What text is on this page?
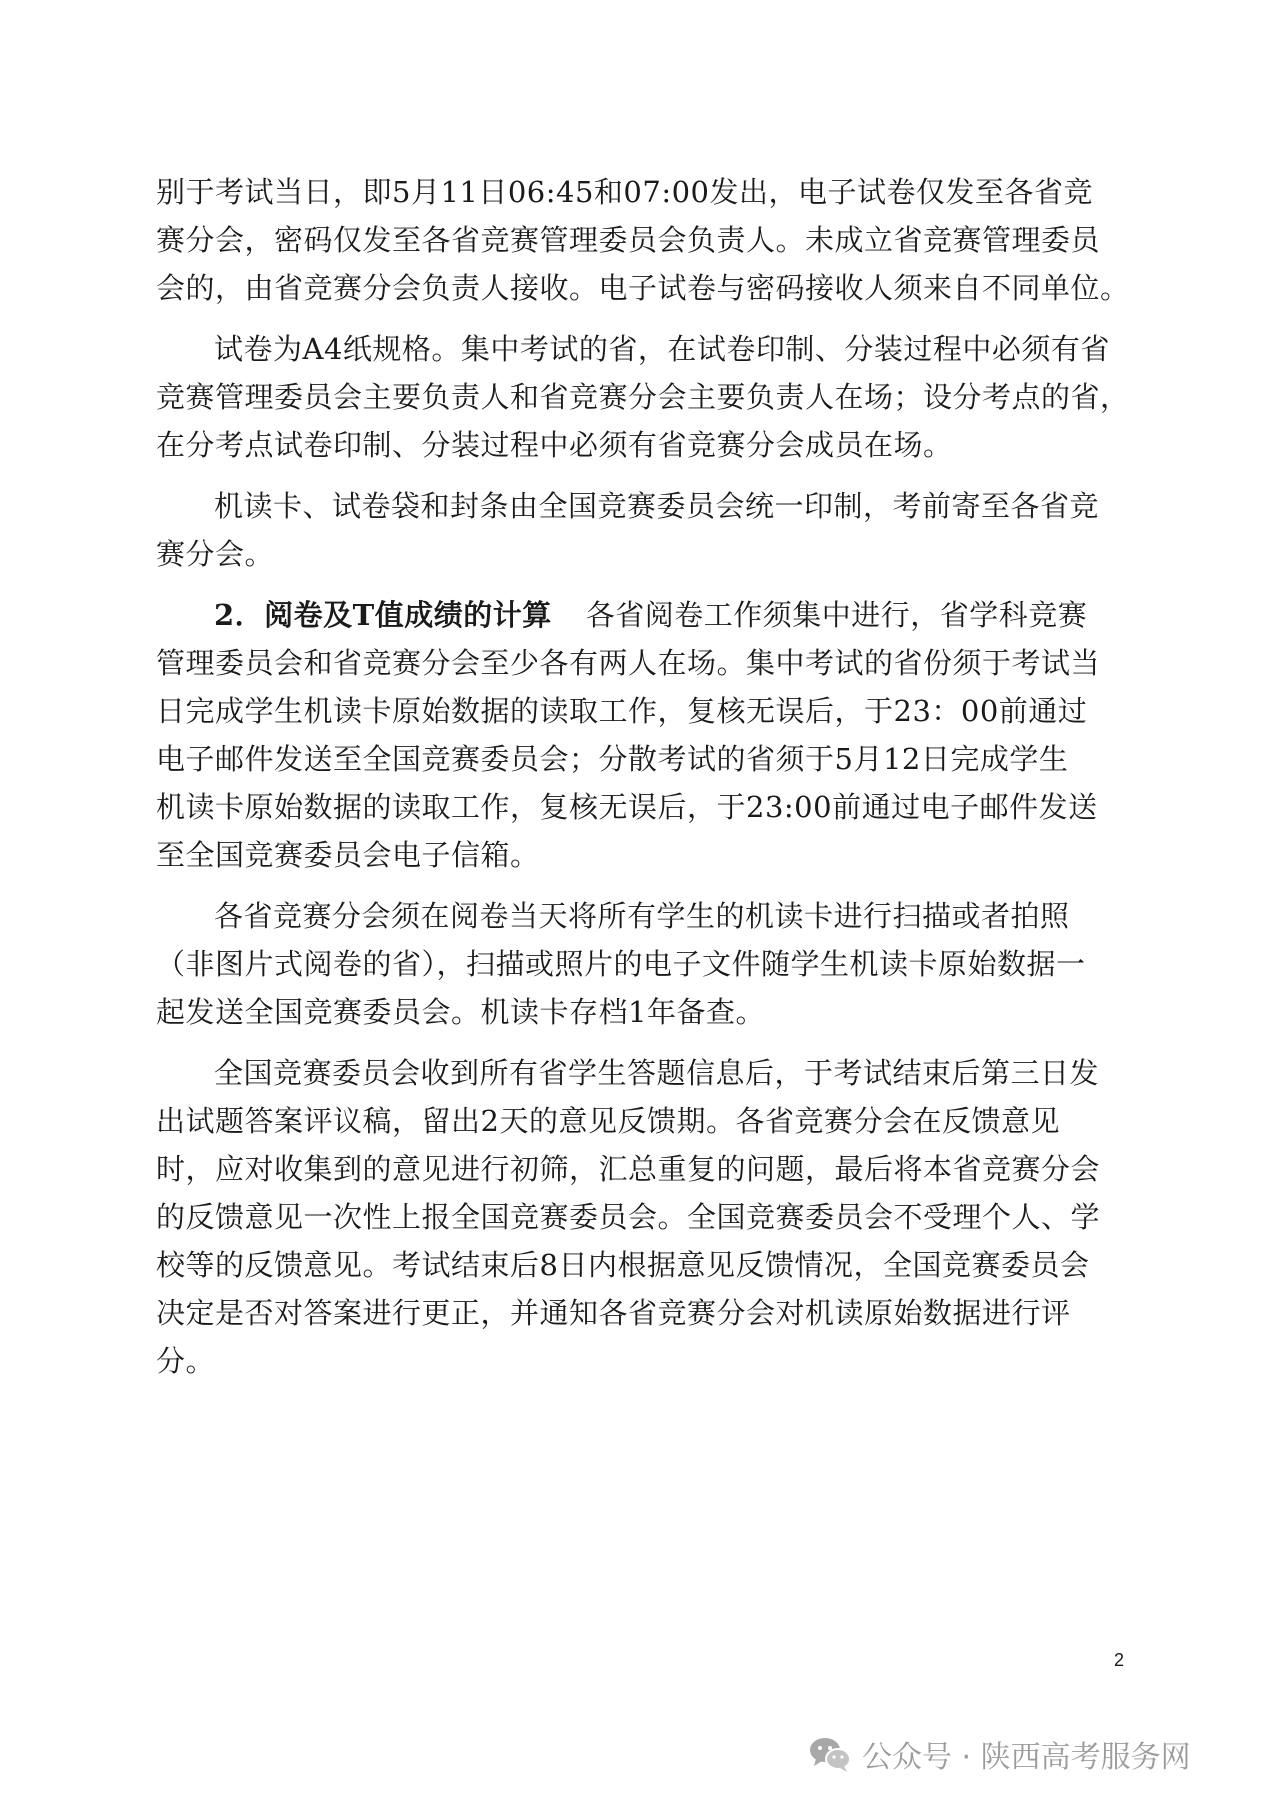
别于考试当日，即5月11日06:45和07:00发出，电子试卷仅发至各省竞

赛分会，密码仅发至各省竞赛管理委员会负责人。未成立省竞赛管理委员

会的，由省竞赛分会负责人接收。电子试卷与密码接收人须来自不同单位。

试卷为A4纸规格。集中考试的省，在试卷印制、分装过程中必须有省

竞赛管理委员会主要负责人和省竞赛分会主要负责人在场；设分考点的省，

在分考点试卷印制、分装过程中必须有省竞赛分会成员在场。

机读卡、试卷袋和封条由全国竞赛委员会统一印制，考前寄至各省竞

赛分会。

2．阅卷及T值成绩的计算 各省阅卷工作须集中进行，省学科竞赛

管理委员会和省竞赛分会至少各有两人在场。集中考试的省份须于考试当

日完成学生机读卡原始数据的读取工作，复核无误后，于23：00前通过

电子邮件发送至全国竞赛委员会；分散考试的省须于5月12日完成学生

机读卡原始数据的读取工作，复核无误后，于23:00前通过电子邮件发送

至全国竞赛委员会电子信箱。

各省竞赛分会须在阅卷当天将所有学生的机读卡进行扫描或者拍照

（非图片式阅卷的省），扫描或照片的电子文件随学生机读卡原始数据一

起发送全国竞赛委员会。机读卡存档1年备查。

全国竞赛委员会收到所有省学生答题信息后，于考试结束后第三日发

出试题答案评议稿，留出2天的意见反馈期。各省竞赛分会在反馈意见

时，应对收集到的意见进行初筛，汇总重复的问题，最后将本省竞赛分会

的反馈意见一次性上报全国竞赛委员会。全国竞赛委员会不受理个人、学

校等的反馈意见。考试结束后8日内根据意见反馈情况，全国竞赛委员会

决定是否对答案进行更正，并通知各省竞赛分会对机读原始数据进行评

分。

2
公众号 · 陕西高考服务网
